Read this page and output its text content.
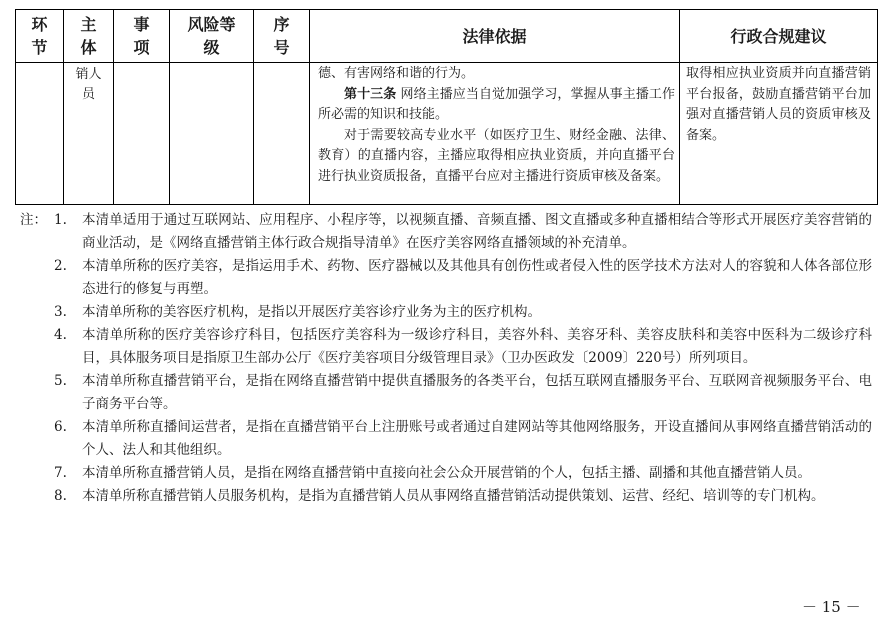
环节	主体	事项	风险等级	序号	法律依据	行政合规建议
	销人员				德、有害网络和谐的行为。

第十三条 网络主播应当自觉加强学习，掌握从事主播工作所必需的知识和技能。

对于需要较高专业水平（如医疗卫生、财经金融、法律、教育）的直播内容，主播应取得相应执业资质，并向直播平台进行执业资质报备，直播平台应对主播进行资质审核及备案。	取得相应执业资质并向直播营销平台报备，鼓励直播营销平台加强对直播营销人员的资质审核及备案。

注： 1. 本清单适用于通过互联网站、应用程序、小程序等，以视频直播、音频直播、图文直播或多种直播相结合等形式开展医疗美容营销的商业活动，是《网络直播营销主体行政合规指导清单》在医疗美容网络直播领域的补充清单。
2. 本清单所称的医疗美容，是指运用手术、药物、医疗器械以及其他具有创伤性或者侵入性的医学技术方法对人的容貌和人体各部位形态进行的修复与再塑。
3. 本清单所称的美容医疗机构，是指以开展医疗美容诊疗业务为主的医疗机构。
4. 本清单所称的医疗美容诊疗科目，包括医疗美容科为一级诊疗科目，美容外科、美容牙科、美容皮肤科和美容中医科为二级诊疗科目，具体服务项目是指原卫生部办公厅《医疗美容项目分级管理目录》（卫办医政发〔2009〕220号）所列项目。
5. 本清单所称直播营销平台，是指在网络直播营销中提供直播服务的各类平台，包括互联网直播服务平台、互联网音视频服务平台、电子商务平台等。
6. 本清单所称直播间运营者，是指在直播营销平台上注册账号或者通过自建网站等其他网络服务，开设直播间从事网络直播营销活动的个人、法人和其他组织。
7. 本清单所称直播营销人员，是指在网络直播营销中直接向社会公众开展营销的个人，包括主播、副播和其他直播营销人员。
8. 本清单所称直播营销人员服务机构，是指为直播营销人员从事网络直播营销活动提供策划、运营、经纪、培训等的专门机构。
－ 15 －
